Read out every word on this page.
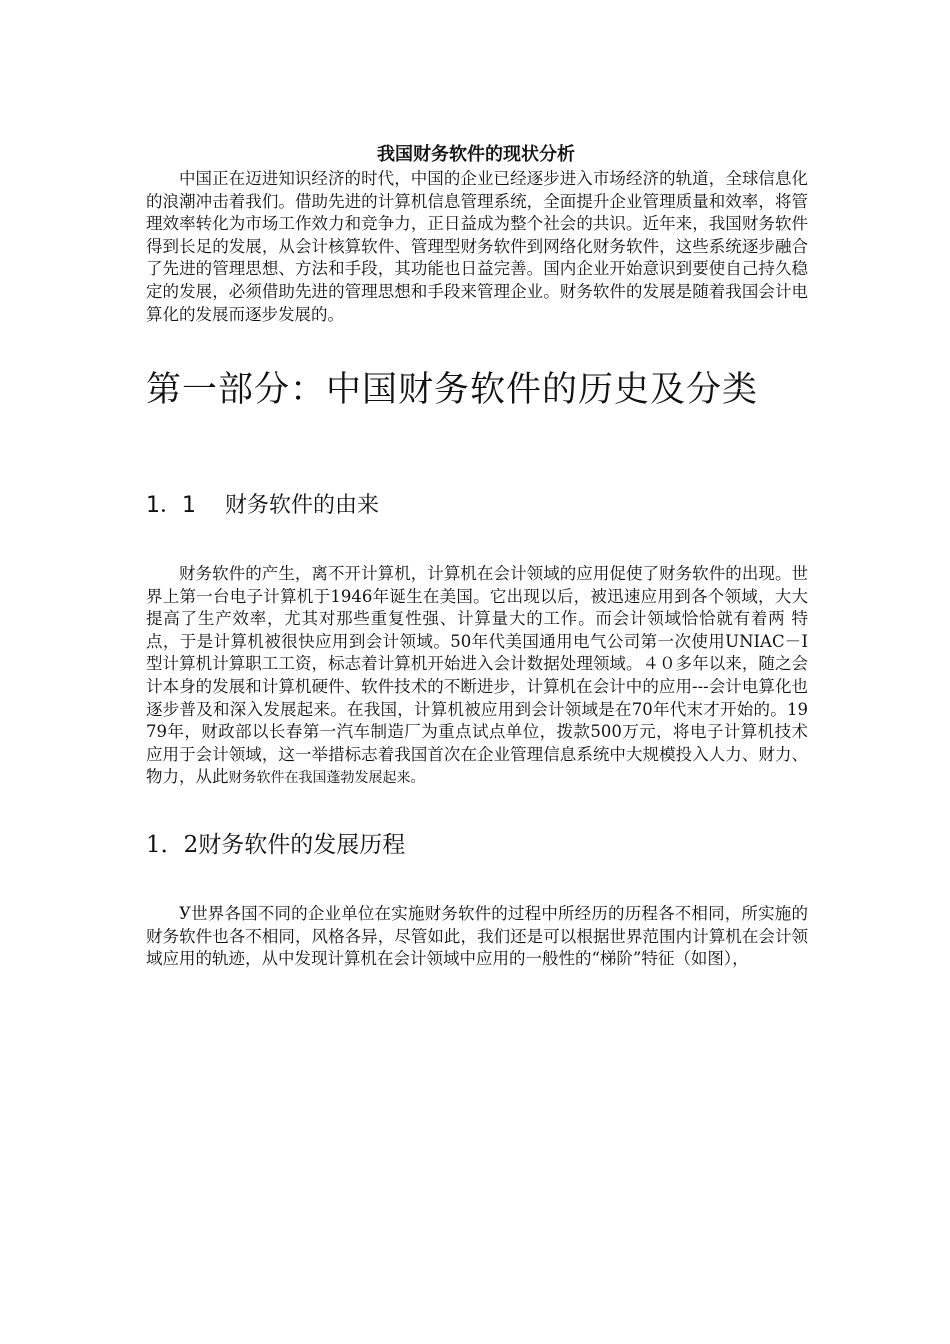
我国财务软件的现状分析

中国正在迈进知识经济的时代，中国的企业已经逐步进入市场经济的轨道，全球信息化的浪潮冲击着我们。借助先进的计算机信息管理系统，全面提升企业管理质量和效率，将管理效率转化为市场工作效力和竞争力，正日益成为整个社会的共识。近年来，我国财务软件得到长足的发展，从会计核算软件、管理型财务软件到网络化财务软件，这些系统逐步融合了先进的管理思想、方法和手段，其功能也日益完善。国内企业开始意识到要使自己持久稳定的发展，必须借助先进的管理思想和手段来管理企业。财务软件的发展是随着我国会计电算化的发展而逐步发展的。

第一部分：中国财务软件的历史及分类
1．1　 财务软件的由来

财务软件的产生，离不开计算机，计算机在会计领域的应用促使了财务软件的出现。世界上第一台电子计算机于1946年诞生在美国。它出现以后，被迅速应用到各个领域，大大提高了生产效率，尤其对那些重复性强、计算量大的工作。而会计领域恰恰就有着两 特点，于是计算机被很快应用到会计领域。50年代美国通用电气公司第一次使用UNIAC－Ⅰ型计算机计算职工工资，标志着计算机开始进入会计数据处理领域。４０多年以来，随之会计本身的发展和计算机硬件、软件技术的不断进步，计算机在会计中的应用---会计电算化也逐步普及和深入发展起来。在我国，计算机被应用到会计领域是在70年代末才开始的。1979年，财政部以长春第一汽车制造厂为重点试点单位，拨款500万元，将电子计算机技术应用于会计领域，这一举措标志着我国首次在企业管理信息系统中大规模投入人力、财力、物力，从此财务软件在我国蓬勃发展起来。

1．2财务软件的发展历程

У世界各国不同的企业单位在实施财务软件的过程中所经历的历程各不相同，所实施的财务软件也各不相同，风格各异，尽管如此，我们还是可以根据世界范围内计算机在会计领域应用的轨迹，从中发现计算机在会计领域中应用的一般性的“梯阶”特征（如图），
